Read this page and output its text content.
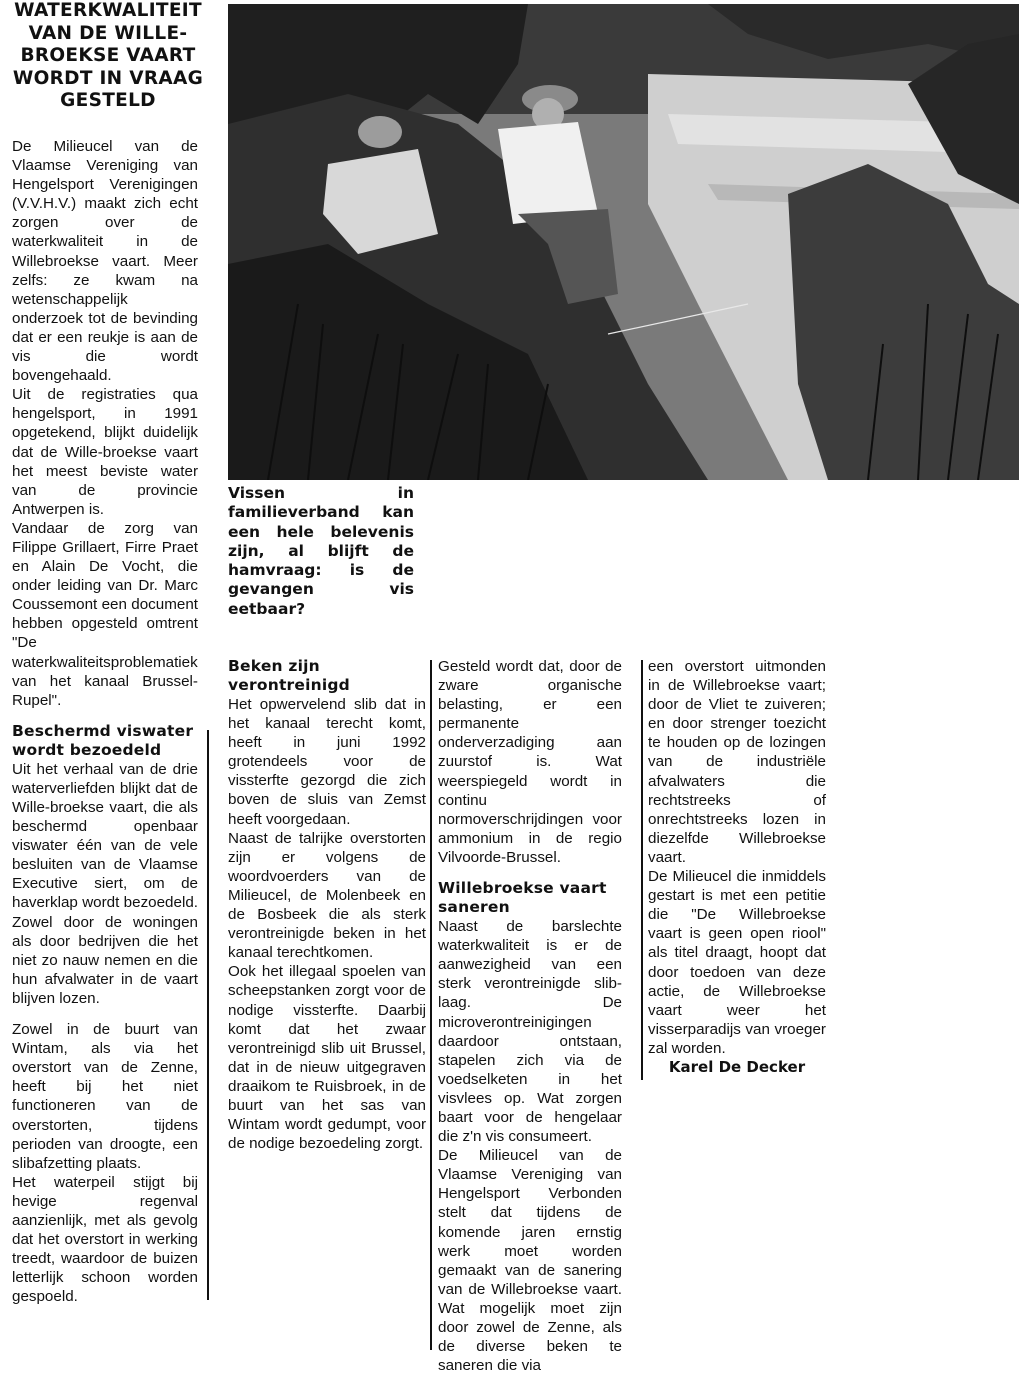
WATERKWALITEIT VAN DE WILLE-BROEKSE VAART WORDT IN VRAAG GESTELD

De Milieucel van de Vlaamse Vereniging van Hengelsport Verenigingen (V.V.H.V.) maakt zich echt zorgen over de waterkwaliteit in de Willebroekse vaart. Meer zelfs: ze kwam na wetenschappelijk onderzoek tot de bevinding dat er een reukje is aan de vis die wordt bovengehaald.

Uit de registraties qua hengelsport, in 1991 opgetekend, blijkt duidelijk dat de Wille-broekse vaart het meest beviste water van de provincie Antwerpen is.

Vandaar de zorg van Filippe Grillaert, Firre Praet en Alain De Vocht, die onder leiding van Dr. Marc Coussemont een document hebben opgesteld omtrent "De waterkwaliteitsproblematiek van het kanaal Brussel-Rupel".

Beschermd viswater wordt bezoedeld

Uit het verhaal van de drie waterverliefden blijkt dat de Wille-broekse vaart, die als beschermd openbaar viswater één van de vele besluiten van de Vlaamse Executive siert, om de haverklap wordt bezoedeld. Zowel door de woningen als door bedrijven die het niet zo nauw nemen en die hun afvalwater in de vaart blijven lozen.

Zowel in de buurt van Wintam, als via het overstort van de Zenne, heeft bij het niet functioneren van de overstorten, tijdens perioden van droogte, een slibafzetting plaats.

Het waterpeil stijgt bij hevige regenval aanzienlijk, met als gevolg dat het overstort in werking treedt, waardoor de buizen letterlijk schoon worden gespoeld.

Vissen in familieverband kan een hele belevenis zijn, al blijft de hamvraag: is de gevangen vis eetbaar?

Beken zijn verontreinigd

Het opwervelend slib dat in het kanaal terecht komt, heeft in juni 1992 grotendeels voor de vissterfte gezorgd die zich boven de sluis van Zemst heeft voorgedaan.

Naast de talrijke overstorten zijn er volgens de woordvoerders van de Milieucel, de Molenbeek en de Bosbeek die als sterk verontreinigde beken in het kanaal terechtkomen.

Ook het illegaal spoelen van scheepstanken zorgt voor de nodige vissterfte. Daarbij komt dat het zwaar verontreinigd slib uit Brussel, dat in de nieuw uitgegraven draaikom te Ruisbroek, in de buurt van het sas van Wintam wordt gedumpt, voor de nodige bezoedeling zorgt.

Gesteld wordt dat, door de zware organische belasting, er een permanente onderverzadiging aan zuurstof is. Wat weerspiegeld wordt in continu normoverschrijdingen voor ammonium in de regio Vilvoorde-Brussel.

Willebroekse vaart saneren

Naast de barslechte waterkwaliteit is er de aanwezigheid van een sterk verontreinigde slib-laag. De microverontreinigingen daardoor ontstaan, stapelen zich via de voedselketen in het visvlees op. Wat zorgen baart voor de hengelaar die z'n vis consumeert.

De Milieucel van de Vlaamse Vereniging van Hengelsport Verbonden stelt dat tijdens de komende jaren ernstig werk moet worden gemaakt van de sanering van de Willebroekse vaart. Wat mogelijk moet zijn door zowel de Zenne, als de diverse beken te saneren die via

een overstort uitmonden in de Willebroekse vaart; door de Vliet te zuiveren; en door strenger toezicht te houden op de lozingen van de industriële afvalwaters die rechtstreeks of onrechtstreeks lozen in diezelfde Willebroekse vaart.

De Milieucel die inmiddels gestart is met een petitie die "De Willebroekse vaart is geen open riool" als titel draagt, hoopt dat door toedoen van deze actie, de Willebroekse vaart weer het visserparadijs van vroeger zal worden.

Karel De Decker
